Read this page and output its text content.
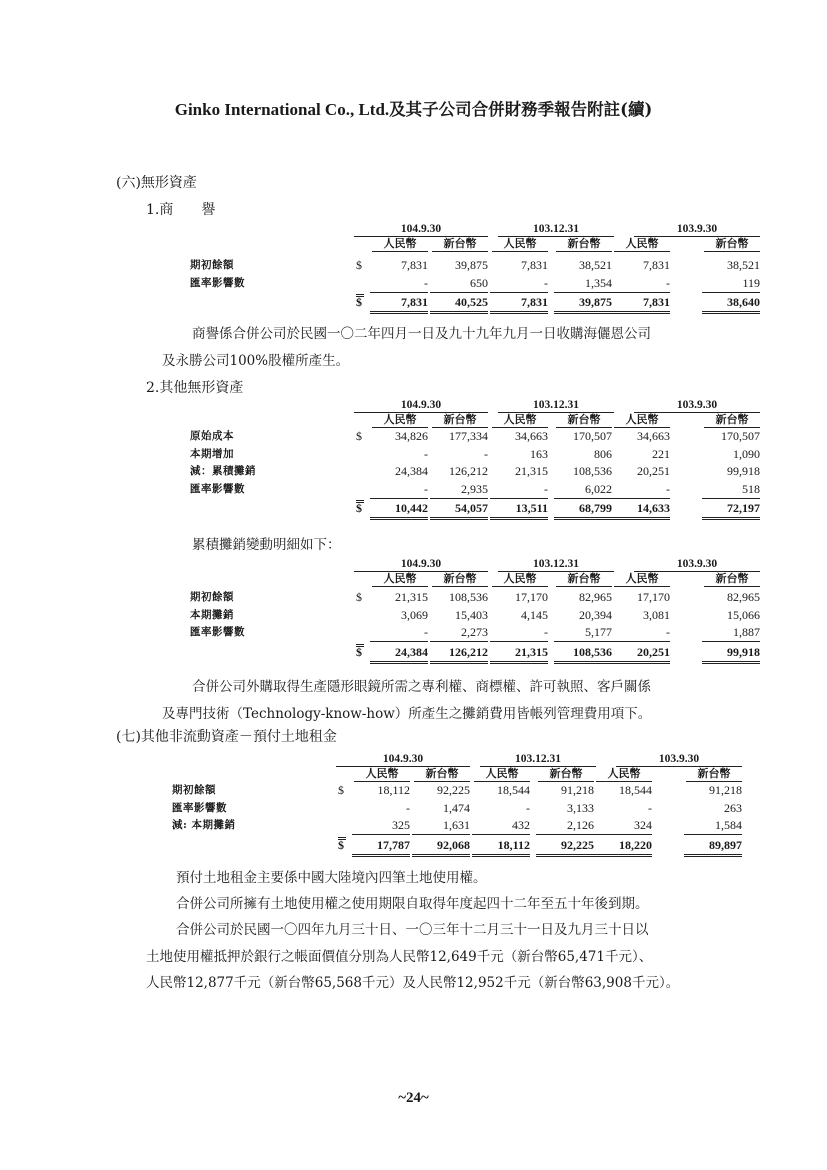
Ginko International Co., Ltd.及其子公司合併財務季報告附註(續)
(六)無形資產
1.商　　譽
104.9.30	103.12.31	103.9.30
人民幣	新台幣	人民幣	新台幣	人民幣	新台幣
期初餘額	$	7,831	39,875	7,831	38,521	7,831	38,521
匯率影響數	-	650	-	1,354	-	119
$	7,831	40,525	7,831	39,875	7,831	38,640
商譽係合併公司於民國一〇二年四月一日及九十九年九月一日收購海儷恩公司
及永勝公司100%股權所產生。
2.其他無形資產
104.9.30	103.12.31	103.9.30
人民幣	新台幣	人民幣	新台幣	人民幣	新台幣
原始成本	$	34,826	177,334	34,663	170,507	34,663	170,507
本期增加	-	-	163	806	221	1,090
減：累積攤銷	24,384	126,212	21,315	108,536	20,251	99,918
匯率影響數	-	2,935	-	6,022	-	518
$	10,442	54,057	13,511	68,799	14,633	72,197
累積攤銷變動明細如下：
104.9.30	103.12.31	103.9.30
人民幣	新台幣	人民幣	新台幣	人民幣	新台幣
期初餘額	$	21,315	108,536	17,170	82,965	17,170	82,965
本期攤銷	3,069	15,403	4,145	20,394	3,081	15,066
匯率影響數	-	2,273	-	5,177	-	1,887
$	24,384	126,212	21,315	108,536	20,251	99,918
合併公司外購取得生產隱形眼鏡所需之專利權、商標權、許可執照、客戶關係
及專門技術（Technology-know-how）所產生之攤銷費用皆帳列管理費用項下。
(七)其他非流動資產－預付土地租金
104.9.30	103.12.31	103.9.30
人民幣	新台幣	人民幣	新台幣	人民幣	新台幣
期初餘額	$	18,112	92,225	18,544	91,218	18,544	91,218
匯率影響數	-	1,474	-	3,133	-	263
減: 本期攤銷	325	1,631	432	2,126	324	1,584
$	17,787	92,068	18,112	92,225	18,220	89,897
預付土地租金主要係中國大陸境內四筆土地使用權。
合併公司所擁有土地使用權之使用期限自取得年度起四十二年至五十年後到期。
合併公司於民國一〇四年九月三十日、一〇三年十二月三十一日及九月三十日以
土地使用權抵押於銀行之帳面價值分別為人民幣12,649千元（新台幣65,471千元）、
人民幣12,877千元（新台幣65,568千元）及人民幣12,952千元（新台幣63,908千元）。
~24~
